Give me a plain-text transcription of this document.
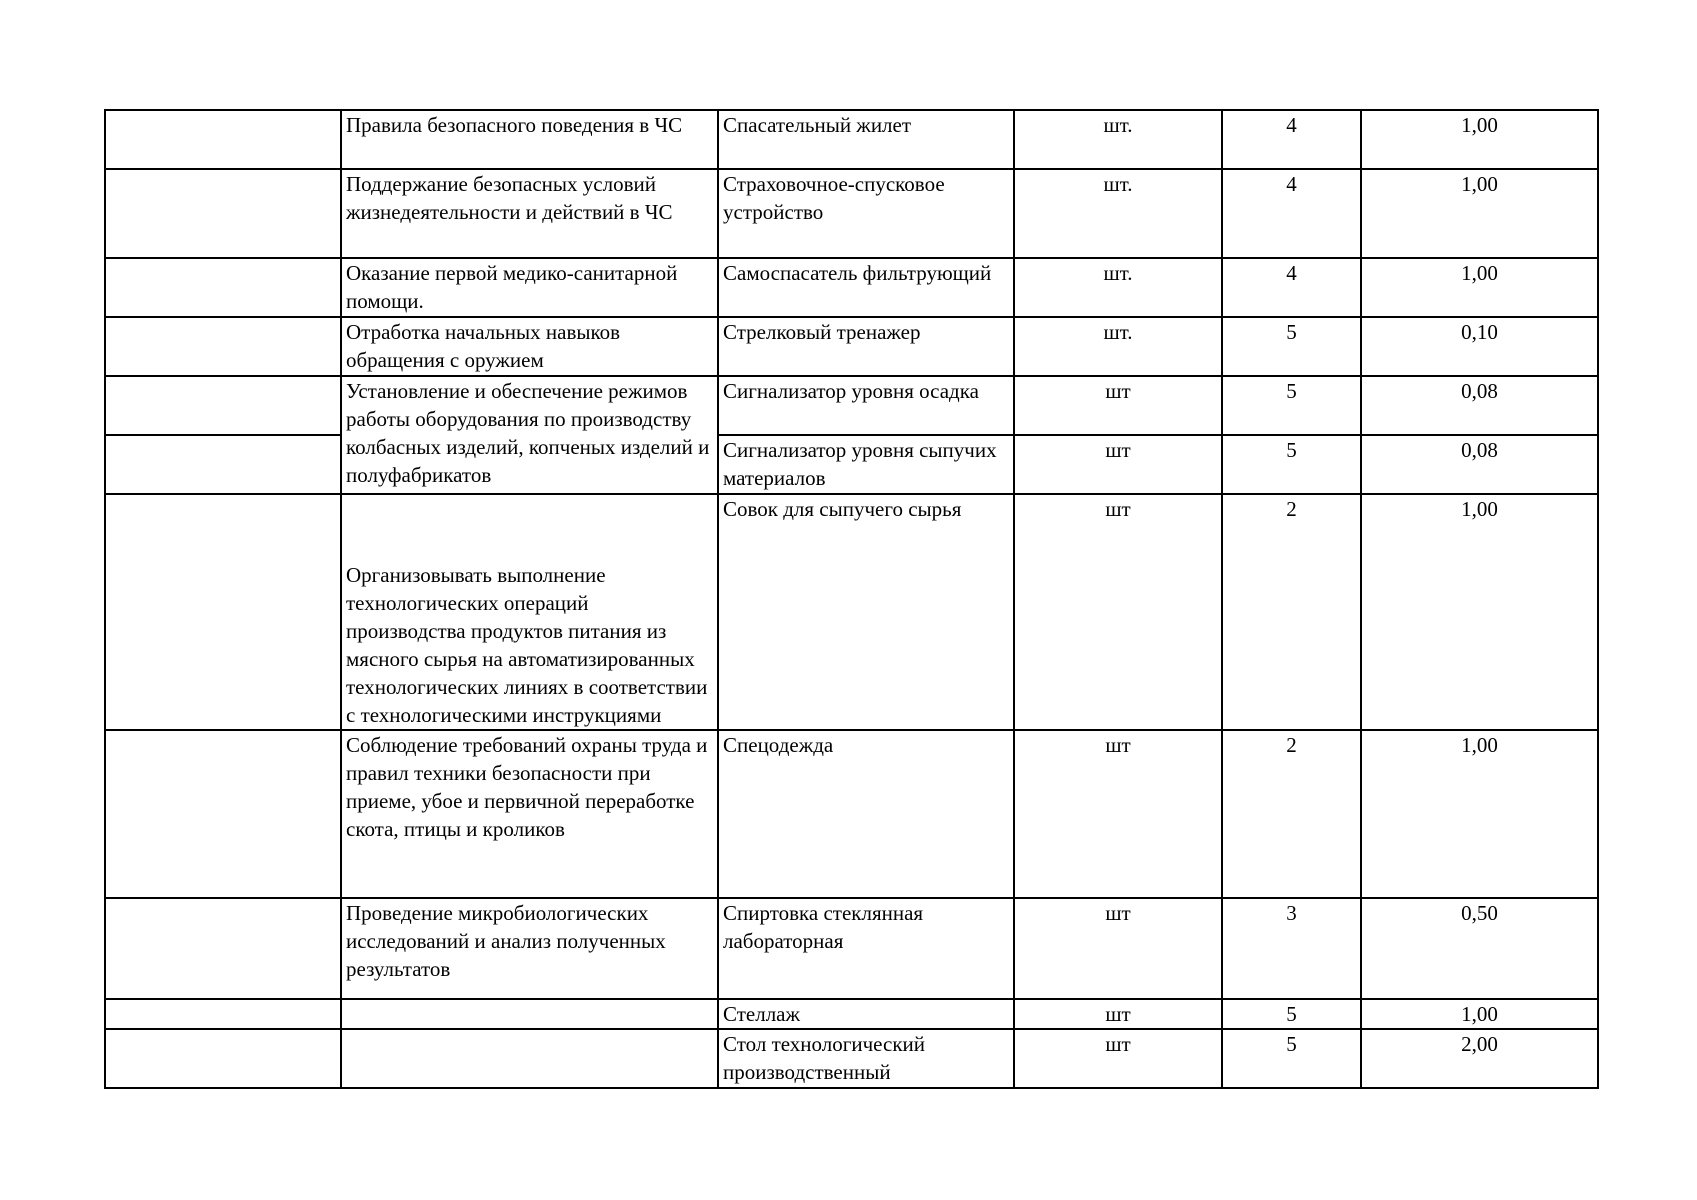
	Правила безопасного поведения в ЧС	Спасательный жилет	шт.	4	1,00
	Поддержание безопасных условий жизнедеятельности и действий в ЧС	Страховочное-спусковое устройство	шт.	4	1,00
	Оказание первой медико-санитарной помощи.	Самоспасатель фильтрующий	шт.	4	1,00
	Отработка начальных навыков обращения с оружием	Стрелковый тренажер	шт.	5	0,10
	Установление и обеспечение режимов работы оборудования по производству колбасных изделий, копченых изделий и полуфабрикатов	Сигнализатор уровня осадка	шт	5	0,08
		Сигнализатор уровня сыпучих материалов	шт	5	0,08
	Организовывать выполнение технологических операций производства продуктов питания из мясного сырья на автоматизированных технологических линиях в соответствии с технологическими инструкциями	Совок для сыпучего сырья	шт	2	1,00
	Соблюдение требований охраны труда и правил техники безопасности при приеме, убое и первичной переработке скота, птицы и кроликов	Спецодежда	шт	2	1,00
	Проведение микробиологических исследований и анализ полученных результатов	Спиртовка стеклянная лабораторная	шт	3	0,50
		Стеллаж	шт	5	1,00
		Стол технологический производственный	шт	5	2,00
